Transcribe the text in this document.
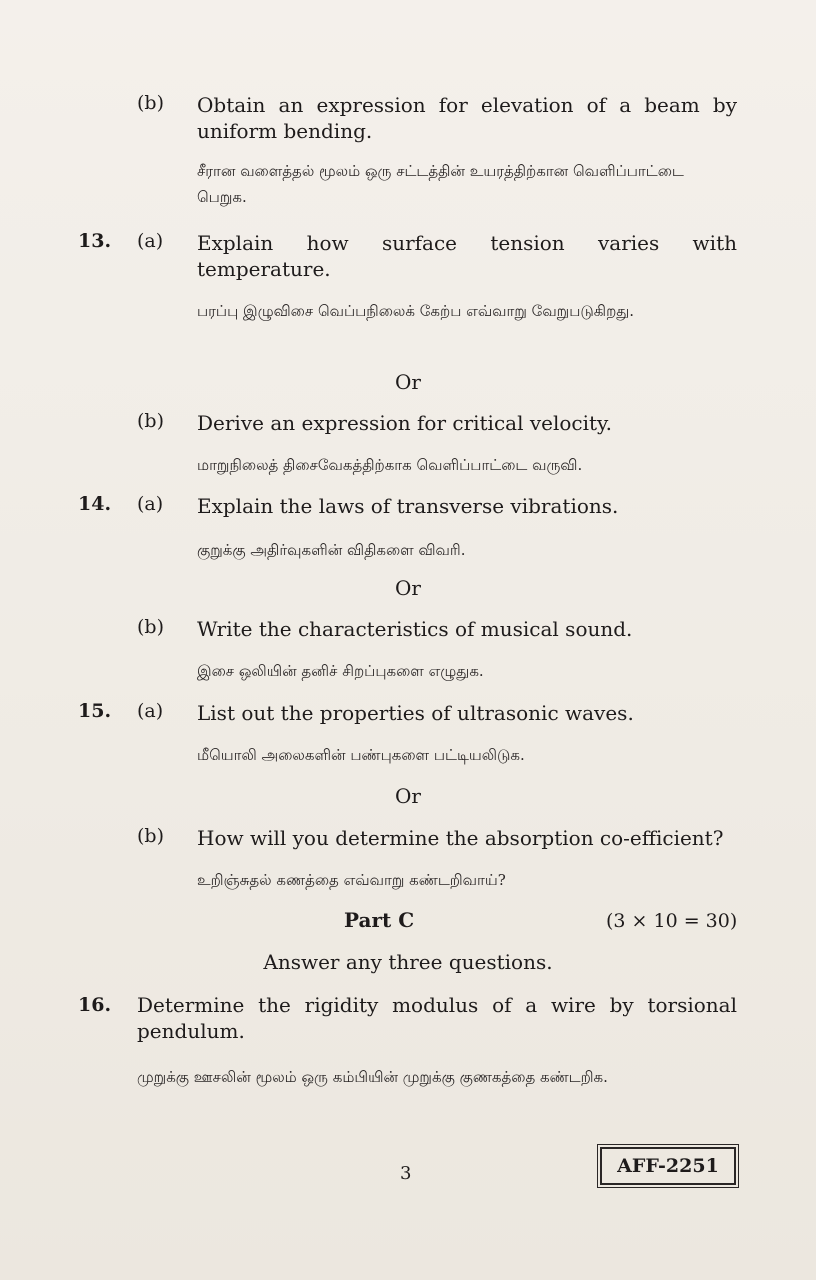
(b) Obtain an expression for elevation of a beam by uniform bending.
சீரான வளைத்தல் மூலம் ஒரு சட்டத்தின் உயரத்திற்கான வெளிப்பாட்டை பெறுக.
13. (a) Explain how surface tension varies with temperature.
பரப்பு இழுவிசை வெப்பநிலைக் கேற்ப எவ்வாறு வேறுபடுகிறது.
Or
(b) Derive an expression for critical velocity.
மாறுநிலைத் திசைவேகத்திற்காக வெளிப்பாட்டை வருவி.
14. (a) Explain the laws of transverse vibrations.
குறுக்கு அதிர்வுகளின் விதிகளை விவரி.
Or
(b) Write the characteristics of musical sound.
இசை ஒலியின் தனிச் சிறப்புகளை எழுதுக.
15. (a) List out the properties of ultrasonic waves.
மீயொலி அலைகளின் பண்புகளை பட்டியலிடுக.
Or
(b) How will you determine the absorption co-efficient?
உறிஞ்சுதல் கணத்தை எவ்வாறு கண்டறிவாய்?
Part C	(3 × 10 = 30)
Answer any three questions.
16. Determine the rigidity modulus of a wire by torsional pendulum.
முறுக்கு ஊசலின் மூலம் ஒரு கம்பியின் முறுக்கு குணகத்தை கண்டறிக.
3	AFF-2251
